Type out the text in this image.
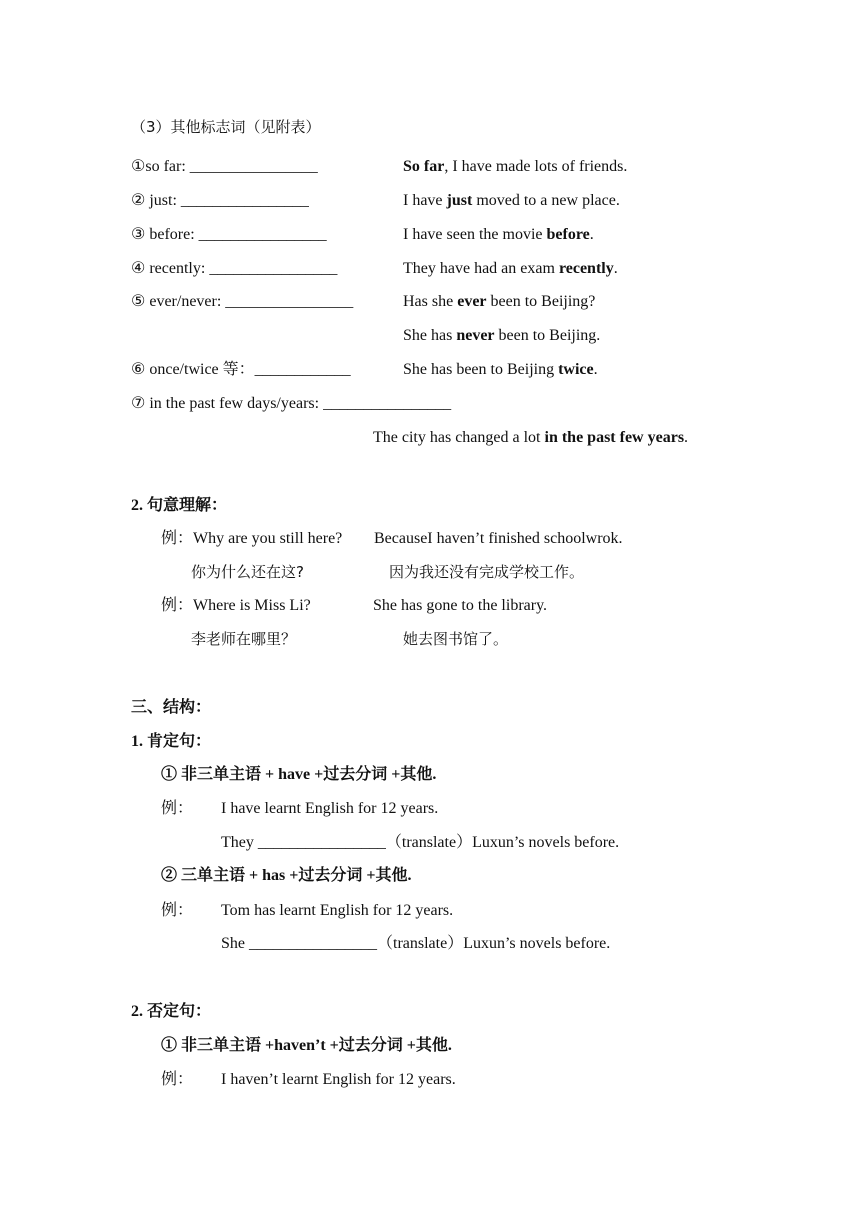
（3）其他标志词（见附表）
①so far: ________________	So far, I have made lots of friends.
② just: ________________	I have just moved to a new place.
③ before: ________________	I have seen the movie before.
④ recently: ________________	They have had an exam recently.
⑤ ever/never: ________________	Has she ever been to Beijing?
She has never been to Beijing.
⑥ once/twice 等：____________	She has been to Beijing twice.
⑦ in the past few days/years: ________________
The city has changed a lot in the past few years.
2. 句意理解：
例：Why are you still here? BecauseI haven’t finished schoolwrok.
你为什么还在这?	因为我还没有完成学校工作。
例：Where is Miss Li?	She has gone to the library.
李老师在哪里？	她去图书馆了。
三、结构：
1. 肯定句：
① 非三单主语 + have +过去分词 +其他.
例： I have learnt English for 12 years.
They ________________（translate）Luxun’s novels before.
② 三单主语 + has +过去分词 +其他.
例： Tom has learnt English for 12 years.
She ________________（translate）Luxun’s novels before.
2. 否定句：
① 非三单主语 +haven’t +过去分词 +其他.
例： I haven’t learnt English for 12 years.
